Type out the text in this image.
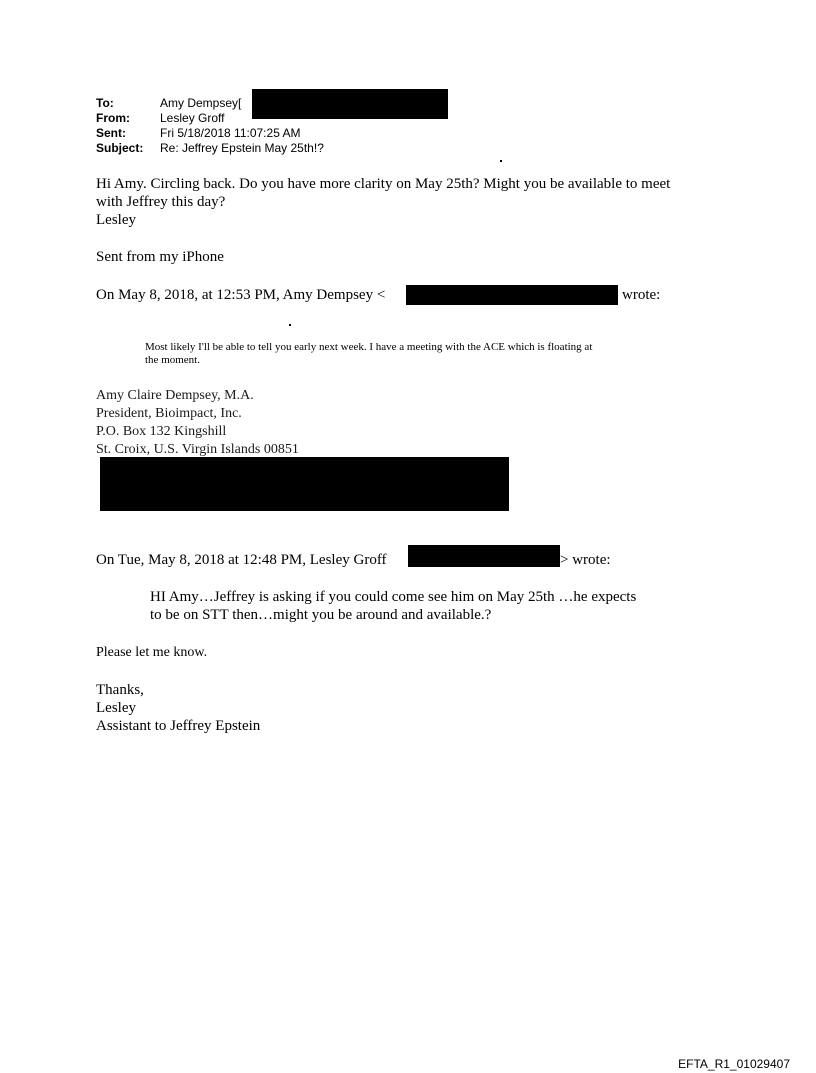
To:	Amy Dempsey[
From:	Lesley Groff
Sent:	Fri 5/18/2018 11:07:25 AM
Subject: Re: Jeffrey Epstein May 25th!?
Hi Amy. Circling back. Do you have more clarity on May 25th? Might you be available to meet
with Jeffrey this day?
Lesley
Sent from my iPhone
On May 8, 2018, at 12:53 PM, Amy Dempsey <	wrote:
Most likely I'll be able to tell you early next week. I have a meeting with the ACE which is floating at
the moment.
Amy Claire Dempsey, M.A.
President, Bioimpact, Inc.
P.O. Box 132 Kingshill
St. Croix, U.S. Virgin Islands 00851
On Tue, May 8, 2018 at 12:48 PM, Lesley Groff	> wrote:
HI Amy…Jeffrey is asking if you could come see him on May 25th …he expects
to be on STT then…might you be around and available.?
Please let me know.
Thanks,
Lesley
Assistant to Jeffrey Epstein
EFTA_R1_01029407
